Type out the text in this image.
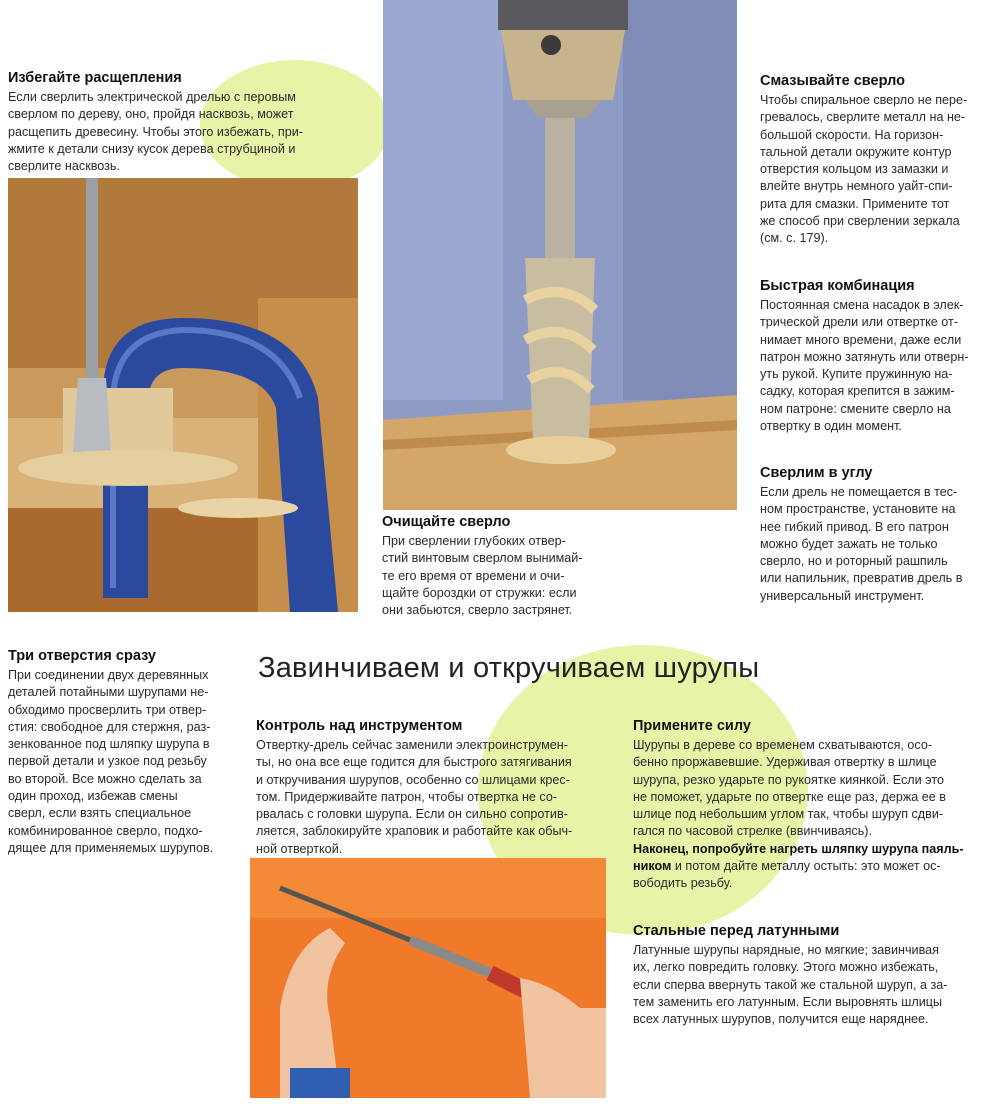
Избегайте расщепления

Если сверлить электрической дрелью с перовым
сверлом по дереву, оно, пройдя насквозь, может
расщепить древесину. Чтобы этого избежать, при-
жмите к детали снизу кусок дерева струбциной и
сверлите насквозь.

Смазывайте сверло

Чтобы спиральное сверло не пере-
гревалось, сверлите металл на не-
большой скорости. На горизон-
тальной детали окружите контур
отверстия кольцом из замазки и
влейте внутрь немного уайт-спи-
рита для смазки. Примените тот
же способ при сверлении зеркала
(см. с. 179).

Быстрая комбинация

Постоянная смена насадок в элек-
трической дрели или отвертке от-
нимает много времени, даже если
патрон можно затянуть или отверн-
уть рукой. Купите пружинную на-
садку, которая крепится в зажим-
ном патроне: смените сверло на
отвертку в один момент.

Сверлим в углу

Если дрель не помещается в тес-
ном пространстве, установите на
нее гибкий привод. В его патрон
можно будет зажать не только
сверло, но и роторный рашпиль
или напильник, превратив дрель в
универсальный инструмент.

Очищайте сверло

При сверлении глубоких отвер-
стий винтовым сверлом вынимай-
те его время от времени и очи-
щайте бороздки от стружки: если
они забьются, сверло застрянет.

Три отверстия сразу

При соединении двух деревянных
деталей потайными шурупами не-
обходимо просверлить три отвер-
стия: свободное для стержня, раз-
зенкованное под шляпку шурупа в
первой детали и узкое под резьбу
во второй. Все можно сделать за
один проход, избежав смены
сверл, если взять специальное
комбинированное сверло, подхо-
дящее для применяемых шурупов.

Завинчиваем и откручиваем шурупы
Контроль над инструментом

Отвертку-дрель сейчас заменили электроинструмен-
ты, но она все еще годится для быстрого затягивания
и откручивания шурупов, особенно со шлицами крес-
том. Придерживайте патрон, чтобы отвертка не со-
рвалась с головки шурупа. Если он сильно сопротив-
ляется, заблокируйте храповик и работайте как обыч-
ной отверткой.

Примените силу

Шурупы в дереве со временем схватываются, осо-
бенно проржавевшие. Удерживая отвертку в шлице
шурупа, резко ударьте по рукоятке киянкой. Если это
не поможет, ударьте по отвертке еще раз, держа ее в
шлице под небольшим углом так, чтобы шуруп сдви-
гался по часовой стрелке (ввинчиваясь).
Наконец, попробуйте нагреть шляпку шурупа паяль-
ником и потом дайте металлу остыть: это может ос-
вободить резьбу.

Стальные перед латунными

Латунные шурупы нарядные, но мягкие; завинчивая
их, легко повредить головку. Этого можно избежать,
если сперва ввернуть такой же стальной шуруп, а за-
тем заменить его латунным. Если выровнять шлицы
всех латунных шурупов, получится еще наряднее.
